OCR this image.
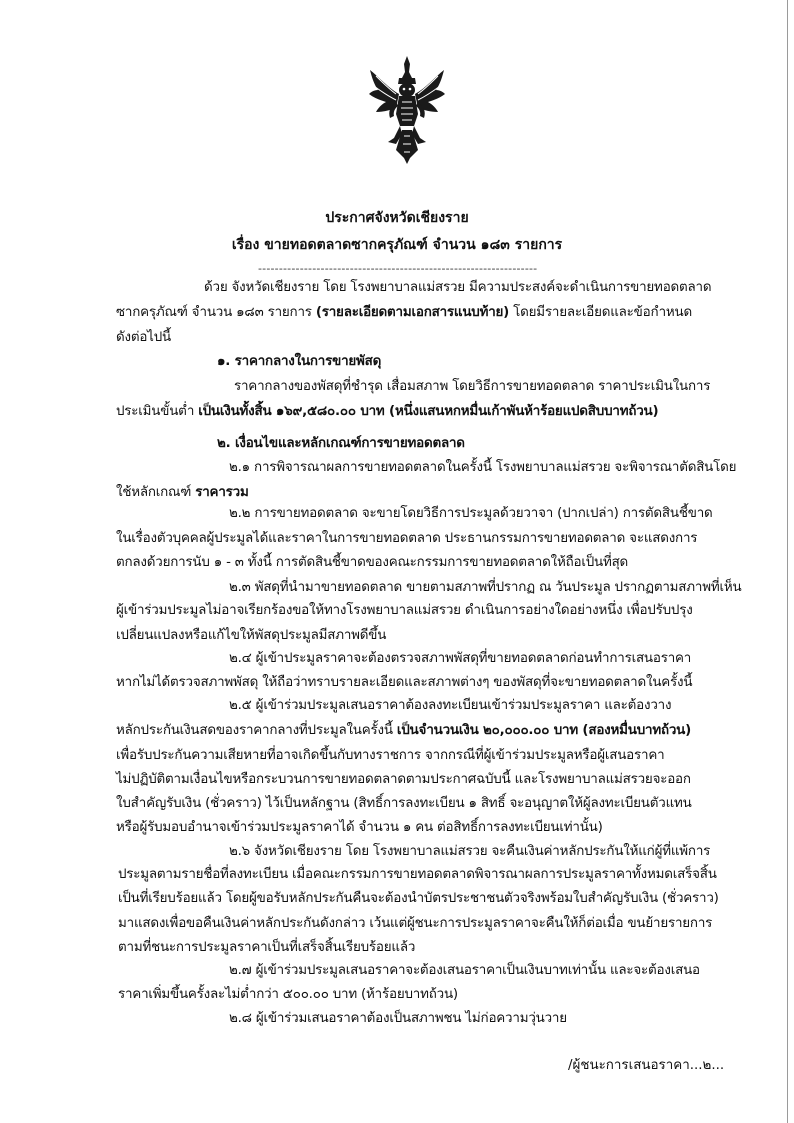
ประกาศจังหวัดเชียงราย
เรื่อง ขายทอดตลาดซากครุภัณฑ์ จำนวน ๑๘๓ รายการ
-------------------------------------------------------------------
ด้วย จังหวัดเชียงราย โดย โรงพยาบาลแม่สรวย มีความประสงค์จะดำเนินการขายทอดตลาด
ซากครุภัณฑ์ จำนวน ๑๘๓ รายการ (รายละเอียดตามเอกสารแนบท้าย) โดยมีรายละเอียดและข้อกำหนด
ดังต่อไปนี้
๑. ราคากลางในการขายพัสดุ
ราคากลางของพัสดุที่ชำรุด เสื่อมสภาพ โดยวิธีการขายทอดตลาด ราคาประเมินในการ
ประเมินขั้นต่ำ เป็นเงินทั้งสิ้น ๑๖๙,๕๘๐.๐๐ บาท (หนึ่งแสนหกหมื่นเก้าพันห้าร้อยแปดสิบบาทถ้วน)
๒. เงื่อนไขและหลักเกณฑ์การขายทอดตลาด
๒.๑ การพิจารณาผลการขายทอดตลาดในครั้งนี้ โรงพยาบาลแม่สรวย จะพิจารณาตัดสินโดย
ใช้หลักเกณฑ์ ราคารวม
๒.๒ การขายทอดตลาด จะขายโดยวิธีการประมูลด้วยวาจา (ปากเปล่า) การตัดสินชี้ขาด
ในเรื่องตัวบุคคลผู้ประมูลได้และราคาในการขายทอดตลาด ประธานกรรมการขายทอดตลาด จะแสดงการ
ตกลงด้วยการนับ ๑ - ๓ ทั้งนี้ การตัดสินชี้ขาดของคณะกรรมการขายทอดตลาดให้ถือเป็นที่สุด
๒.๓ พัสดุที่นำมาขายทอดตลาด ขายตามสภาพที่ปรากฏ ณ วันประมูล ปรากฏตามสภาพที่เห็น
ผู้เข้าร่วมประมูลไม่อาจเรียกร้องขอให้ทางโรงพยาบาลแม่สรวย ดำเนินการอย่างใดอย่างหนึ่ง เพื่อปรับปรุง
เปลี่ยนแปลงหรือแก้ไขให้พัสดุประมูลมีสภาพดีขึ้น
๒.๔ ผู้เข้าประมูลราคาจะต้องตรวจสภาพพัสดุที่ขายทอดตลาดก่อนทำการเสนอราคา
หากไม่ได้ตรวจสภาพพัสดุ ให้ถือว่าทราบรายละเอียดและสภาพต่างๆ ของพัสดุที่จะขายทอดตลาดในครั้งนี้
๒.๕ ผู้เข้าร่วมประมูลเสนอราคาต้องลงทะเบียนเข้าร่วมประมูลราคา และต้องวาง
หลักประกันเงินสดของราคากลางที่ประมูลในครั้งนี้ เป็นจำนวนเงิน ๒๐,๐๐๐.๐๐ บาท (สองหมื่นบาทถ้วน)
เพื่อรับประกันความเสียหายที่อาจเกิดขึ้นกับทางราชการ จากกรณีที่ผู้เข้าร่วมประมูลหรือผู้เสนอราคา
ไม่ปฏิบัติตามเงื่อนไขหรือกระบวนการขายทอดตลาดตามประกาศฉบับนี้ และโรงพยาบาลแม่สรวยจะออก
ใบสำคัญรับเงิน (ชั่วคราว) ไว้เป็นหลักฐาน (สิทธิ์การลงทะเบียน ๑ สิทธิ์ จะอนุญาตให้ผู้ลงทะเบียนตัวแทน
หรือผู้รับมอบอำนาจเข้าร่วมประมูลราคาได้ จำนวน ๑ คน ต่อสิทธิ์การลงทะเบียนเท่านั้น)
๒.๖ จังหวัดเชียงราย โดย โรงพยาบาลแม่สรวย จะคืนเงินค่าหลักประกันให้แก่ผู้ที่แพ้การ
ประมูลตามรายชื่อที่ลงทะเบียน เมื่อคณะกรรมการขายทอดตลาดพิจารณาผลการประมูลราคาทั้งหมดเสร็จสิ้น
เป็นที่เรียบร้อยแล้ว โดยผู้ขอรับหลักประกันคืนจะต้องนำบัตรประชาชนตัวจริงพร้อมใบสำคัญรับเงิน (ชั่วคราว)
มาแสดงเพื่อขอคืนเงินค่าหลักประกันดังกล่าว เว้นแต่ผู้ชนะการประมูลราคาจะคืนให้ก็ต่อเมื่อ ขนย้ายรายการ
ตามที่ชนะการประมูลราคาเป็นที่เสร็จสิ้นเรียบร้อยแล้ว
๒.๗ ผู้เข้าร่วมประมูลเสนอราคาจะต้องเสนอราคาเป็นเงินบาทเท่านั้น และจะต้องเสนอ
ราคาเพิ่มขึ้นครั้งละไม่ต่ำกว่า ๕๐๐.๐๐ บาท (ห้าร้อยบาทถ้วน)
๒.๘ ผู้เข้าร่วมเสนอราคาต้องเป็นสภาพชน ไม่ก่อความวุ่นวาย
/ผู้ชนะการเสนอราคา...๒...
